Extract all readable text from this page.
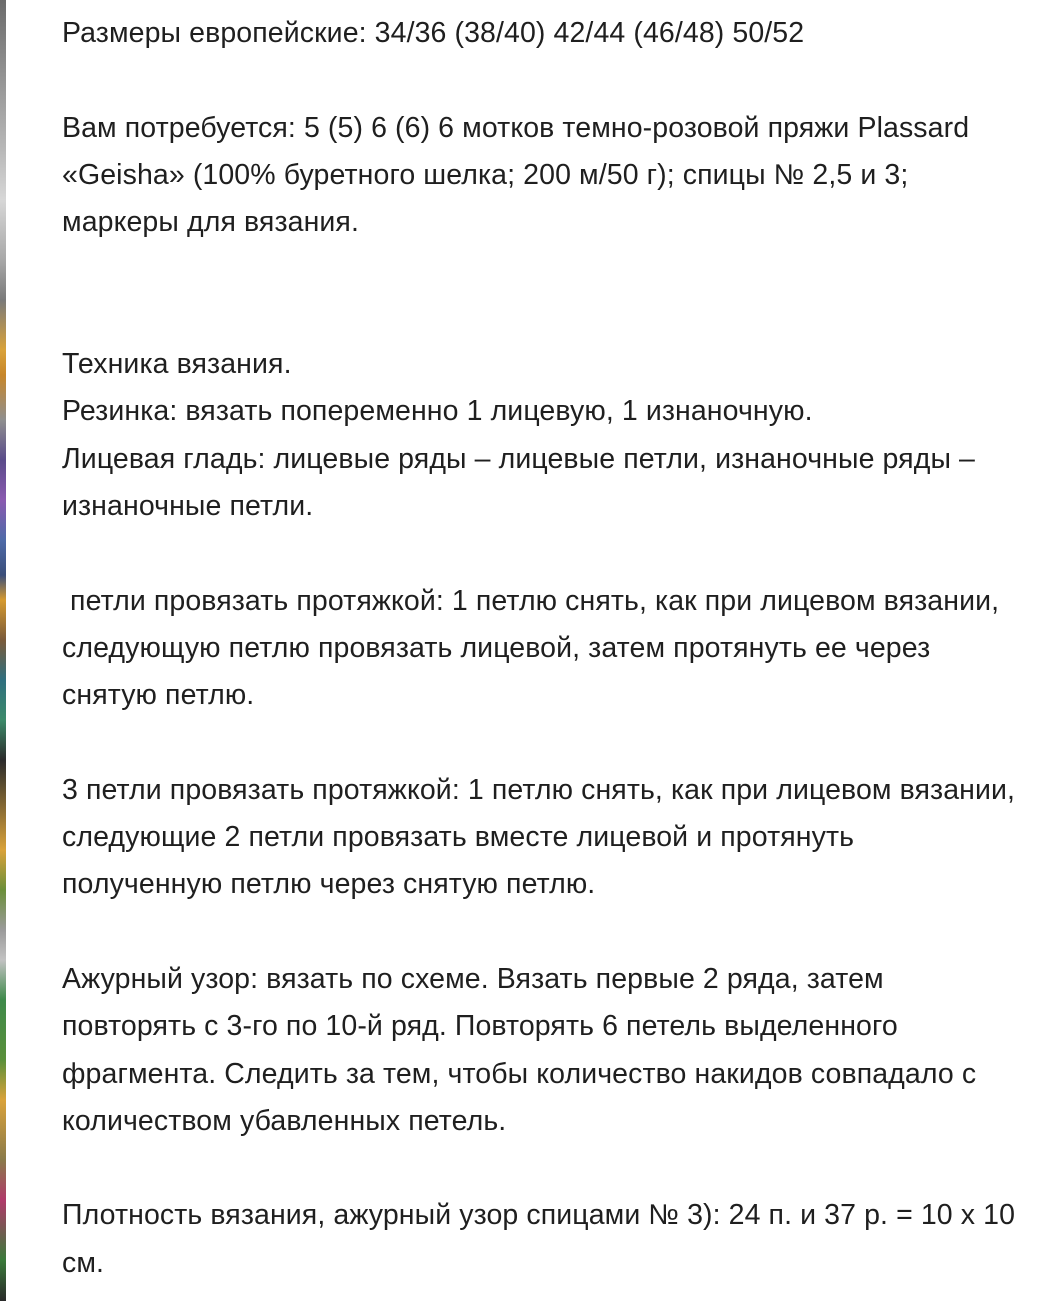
Размеры европейские: 34/36 (38/40) 42/44 (46/48) 50/52

Вам потребуется: 5 (5) 6 (6) 6 мотков темно-розовой пряжи Plassard «Geisha» (100% буретного шелка; 200 м/50 г); спицы № 2,5 и 3; маркеры для вязания.

Техника вязания.

Резинка: вязать попеременно 1 лицевую, 1 изнаночную.

Лицевая гладь: лицевые ряды – лицевые петли, изнаночные ряды – изнаночные петли.

петли провязать протяжкой: 1 петлю снять, как при лицевом вязании, следующую петлю провязать лицевой, затем протянуть ее через снятую петлю.

3 петли провязать протяжкой: 1 петлю снять, как при лицевом вязании, следующие 2 петли провязать вместе лицевой и протянуть полученную петлю через снятую петлю.

Ажурный узор: вязать по схеме. Вязать первые 2 ряда, затем повторять с 3-го по 10-й ряд. Повторять 6 петель выделенного фрагмента. Следить за тем, чтобы количество накидов совпадало с количеством убавленных петель.

Плотность вязания, ажурный узор спицами № 3): 24 п. и 37 р. = 10 х 10 см.
